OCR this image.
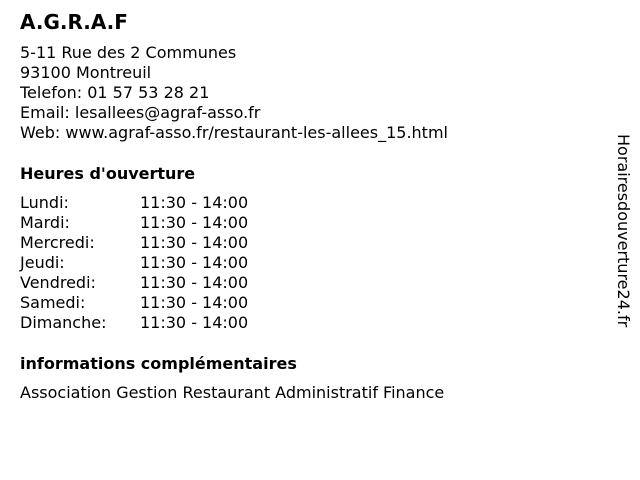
A.G.R.A.F
5-11 Rue des 2 Communes
93100 Montreuil
Telefon: 01 57 53 28 21
Email: lesallees@agraf-asso.fr
Web: www.agraf-asso.fr/restaurant-les-allees_15.html
Heures d'ouverture
Lundi:	11:30 - 14:00
Mardi:	11:30 - 14:00
Mercredi:	11:30 - 14:00
Jeudi:	11:30 - 14:00
Vendredi:	11:30 - 14:00
Samedi:	11:30 - 14:00
Dimanche: 11:30 - 14:00
informations complémentaires
Association Gestion Restaurant Administratif Finance
Horairesdouverture24.fr
